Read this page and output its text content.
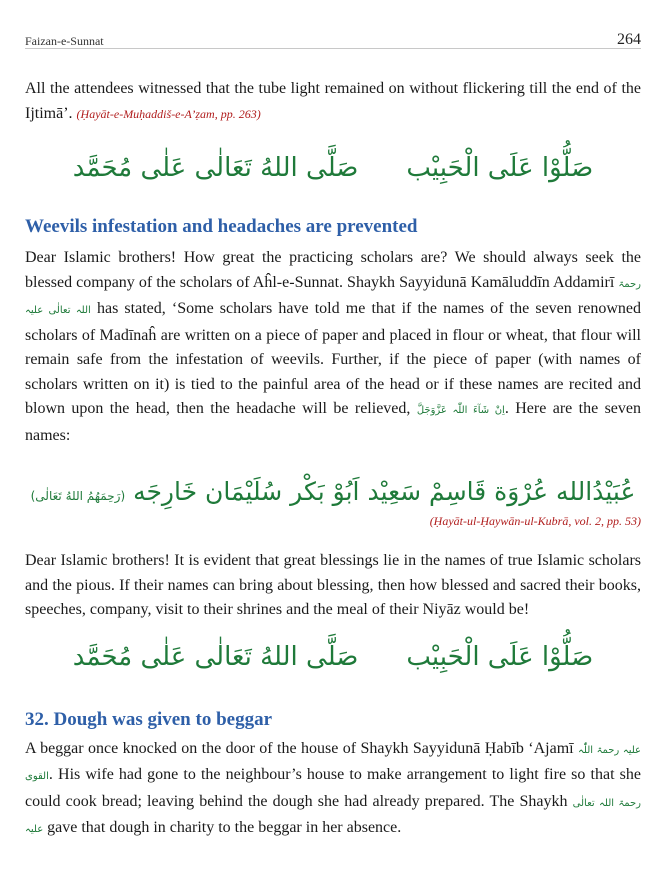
Faizan-e-Sunnat	264

All the attendees witnessed that the tube light remained on without flickering till the end of the Ijtimā’. (Ḥayāt-e-Muḥaddiš-e-A’ẓam, pp. 263)

صَلَّى اللهُ تَعَالٰى عَلٰى مُحَمَّد صَلُّوْا عَلَى الْحَبِيْب
Weevils infestation and headaches are prevented

Dear Islamic brothers! How great the practicing scholars are? We should always seek the blessed company of the scholars of Aĥl-e-Sunnat. Shaykh Sayyidunā Kamāluddīn Addamirī رحمۃ اللہ تعالٰی علیہ has stated, ‘Some scholars have told me that if the names of the seven renowned scholars of Madīnaĥ are written on a piece of paper and placed in flour or wheat, that flour will remain safe from the infestation of weevils. Further, if the piece of paper (with names of scholars written on it) is tied to the painful area of the head or if these names are recited and blown upon the head, then the headache will be relieved, اِنْ شَآءَ اللّٰہ عَزَّوَجَلَّ. Here are the seven names:

عُبَيْدُالله عُرْوَة قَاسِمْ سَعِيْد اَبُوْ بَكْر سُلَيْمَان خَارِجَه (رَحِمَهُمُ اللهُ تَعَالٰى)
(Ḥayāt-ul-Ḥaywān-ul-Kubrā, vol. 2, pp. 53)

Dear Islamic brothers! It is evident that great blessings lie in the names of true Islamic scholars and the pious. If their names can bring about blessing, then how blessed and sacred their books, speeches, company, visit to their shrines and the meal of their Niyāz would be!

صَلَّى اللهُ تَعَالٰى عَلٰى مُحَمَّد صَلُّوْا عَلَى الْحَبِيْب
32. Dough was given to beggar

A beggar once knocked on the door of the house of Shaykh Sayyidunā Ḥabīb ‘Ajamī علیہ رحمۃ اللّٰہ القوی. His wife had gone to the neighbour’s house to make arrangement to light fire so that she could cook bread; leaving behind the dough she had already prepared. The Shaykh رحمۃ اللہ تعالٰی علیہ gave that dough in charity to the beggar in her absence.
